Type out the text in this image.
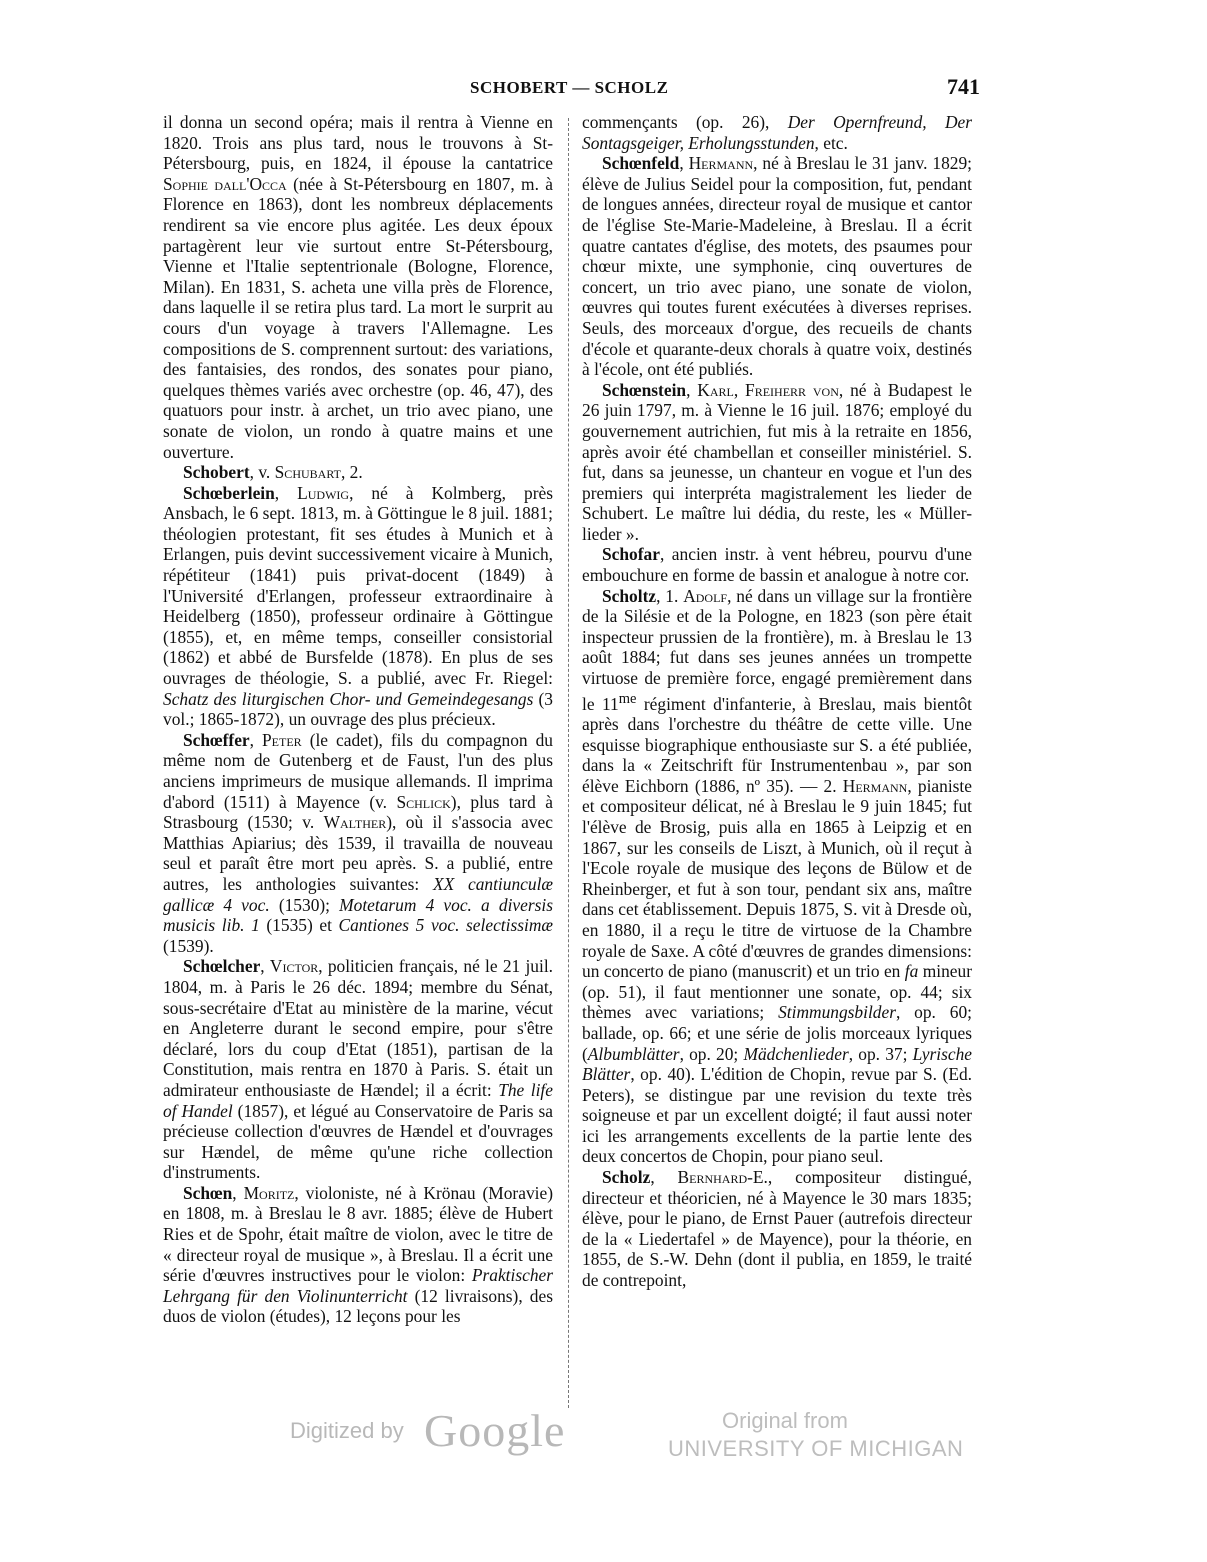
SCHOBERT — SCHOLZ	741

il donna un second opéra; mais il rentra à Vienne en 1820. Trois ans plus tard, nous le trouvons à St-Pétersbourg, puis, en 1824, il épouse la cantatrice Sophie dall'Occa (née à St-Pétersbourg en 1807, m. à Florence en 1863), dont les nombreux déplacements rendirent sa vie encore plus agitée. Les deux époux partagèrent leur vie surtout entre St-Pétersbourg, Vienne et l'Italie septentrionale (Bologne, Florence, Milan). En 1831, S. acheta une villa près de Florence, dans laquelle il se retira plus tard. La mort le surprit au cours d'un voyage à travers l'Allemagne. Les compositions de S. comprennent surtout: des variations, des fantaisies, des rondos, des sonates pour piano, quelques thèmes variés avec orchestre (op. 46, 47), des quatuors pour instr. à archet, un trio avec piano, une sonate de violon, un rondo à quatre mains et une ouverture.

Schobert, v. Schubart, 2.

Schœberlein, Ludwig, né à Kolmberg, près Ansbach, le 6 sept. 1813, m. à Göttingue le 8 juil. 1881; théologien protestant, fit ses études à Munich et à Erlangen, puis devint successivement vicaire à Munich, répétiteur (1841) puis privat-docent (1849) à l'Université d'Erlangen, professeur extraordinaire à Heidelberg (1850), professeur ordinaire à Göttingue (1855), et, en même temps, conseiller consistorial (1862) et abbé de Bursfelde (1878). En plus de ses ouvrages de théologie, S. a publié, avec Fr. Riegel: Schatz des liturgischen Chor- und Gemeindegesangs (3 vol.; 1865-1872), un ouvrage des plus précieux.

Schœffer, Peter (le cadet), fils du compagnon du même nom de Gutenberg et de Faust, l'un des plus anciens imprimeurs de musique allemands. Il imprima d'abord (1511) à Mayence (v. Schlick), plus tard à Strasbourg (1530; v. Walther), où il s'associa avec Matthias Apiarius; dès 1539, il travailla de nouveau seul et paraît être mort peu après. S. a publié, entre autres, les anthologies suivantes: XX cantiunculæ gallicæ 4 voc. (1530); Motetarum 4 voc. a diversis musicis lib. 1 (1535) et Cantiones 5 voc. selectissimæ (1539).

Schœlcher, Victor, politicien français, né le 21 juil. 1804, m. à Paris le 26 déc. 1894; membre du Sénat, sous-secrétaire d'Etat au ministère de la marine, vécut en Angleterre durant le second empire, pour s'être déclaré, lors du coup d'Etat (1851), partisan de la Constitution, mais rentra en 1870 à Paris. S. était un admirateur enthousiaste de Hændel; il a écrit: The life of Handel (1857), et légué au Conservatoire de Paris sa précieuse collection d'œuvres de Hændel et d'ouvrages sur Hændel, de même qu'une riche collection d'instruments.

Schœn, Moritz, violoniste, né à Krönau (Moravie) en 1808, m. à Breslau le 8 avr. 1885; élève de Hubert Ries et de Spohr, était maître de violon, avec le titre de « directeur royal de musique », à Breslau. Il a écrit une série d'œuvres instructives pour le violon: Praktischer Lehrgang für den Violinunterricht (12 livraisons), des duos de violon (études), 12 leçons pour les

commençants (op. 26), Der Opernfreund, Der Sontagsgeiger, Erholungsstunden, etc.

Schœnfeld, Hermann, né à Breslau le 31 janv. 1829; élève de Julius Seidel pour la composition, fut, pendant de longues années, directeur royal de musique et cantor de l'église Ste-Marie-Madeleine, à Breslau. Il a écrit quatre cantates d'église, des motets, des psaumes pour chœur mixte, une symphonie, cinq ouvertures de concert, un trio avec piano, une sonate de violon, œuvres qui toutes furent exécutées à diverses reprises. Seuls, des morceaux d'orgue, des recueils de chants d'école et quarante-deux chorals à quatre voix, destinés à l'école, ont été publiés.

Schœnstein, Karl, Freiherr von, né à Budapest le 26 juin 1797, m. à Vienne le 16 juil. 1876; employé du gouvernement autrichien, fut mis à la retraite en 1856, après avoir été chambellan et conseiller ministériel. S. fut, dans sa jeunesse, un chanteur en vogue et l'un des premiers qui interpréta magistralement les lieder de Schubert. Le maître lui dédia, du reste, les « Müller-lieder ».

Schofar, ancien instr. à vent hébreu, pourvu d'une embouchure en forme de bassin et analogue à notre cor.

Scholtz, 1. Adolf, né dans un village sur la frontière de la Silésie et de la Pologne, en 1823 (son père était inspecteur prussien de la frontière), m. à Breslau le 13 août 1884; fut dans ses jeunes années un trompette virtuose de première force, engagé premièrement dans le $11^{me}$ régiment d'infanterie, à Breslau, mais bientôt après dans l'orchestre du théâtre de cette ville. Une esquisse biographique enthousiaste sur S. a été publiée, dans la « Zeitschrift für Instrumentenbau », par son élève Eichborn (1886, nº 35). — 2. Hermann, pianiste et compositeur délicat, né à Breslau le 9 juin 1845; fut l'élève de Brosig, puis alla en 1865 à Leipzig et en 1867, sur les conseils de Liszt, à Munich, où il reçut à l'Ecole royale de musique des leçons de Bülow et de Rheinberger, et fut à son tour, pendant six ans, maître dans cet établissement. Depuis 1875, S. vit à Dresde où, en 1880, il a reçu le titre de virtuose de la Chambre royale de Saxe. A côté d'œuvres de grandes dimensions: un concerto de piano (manuscrit) et un trio en fa mineur (op. 51), il faut mentionner une sonate, op. 44; six thèmes avec variations; Stimmungsbilder, op. 60; ballade, op. 66; et une série de jolis morceaux lyriques (Albumblätter, op. 20; Mädchenlieder, op. 37; Lyrische Blätter, op. 40). L'édition de Chopin, revue par S. (Ed. Peters), se distingue par une revision du texte très soigneuse et par un excellent doigté; il faut aussi noter ici les arrangements excellents de la partie lente des deux concertos de Chopin, pour piano seul.

Scholz, Bernhard-E., compositeur distingué, directeur et théoricien, né à Mayence le 30 mars 1835; élève, pour le piano, de Ernst Pauer (autrefois directeur de la « Liedertafel » de Mayence), pour la théorie, en 1855, de S.-W. Dehn (dont il publia, en 1859, le traité de contrepoint,

Digitized by Google	Original from
UNIVERSITY OF MICHIGAN
